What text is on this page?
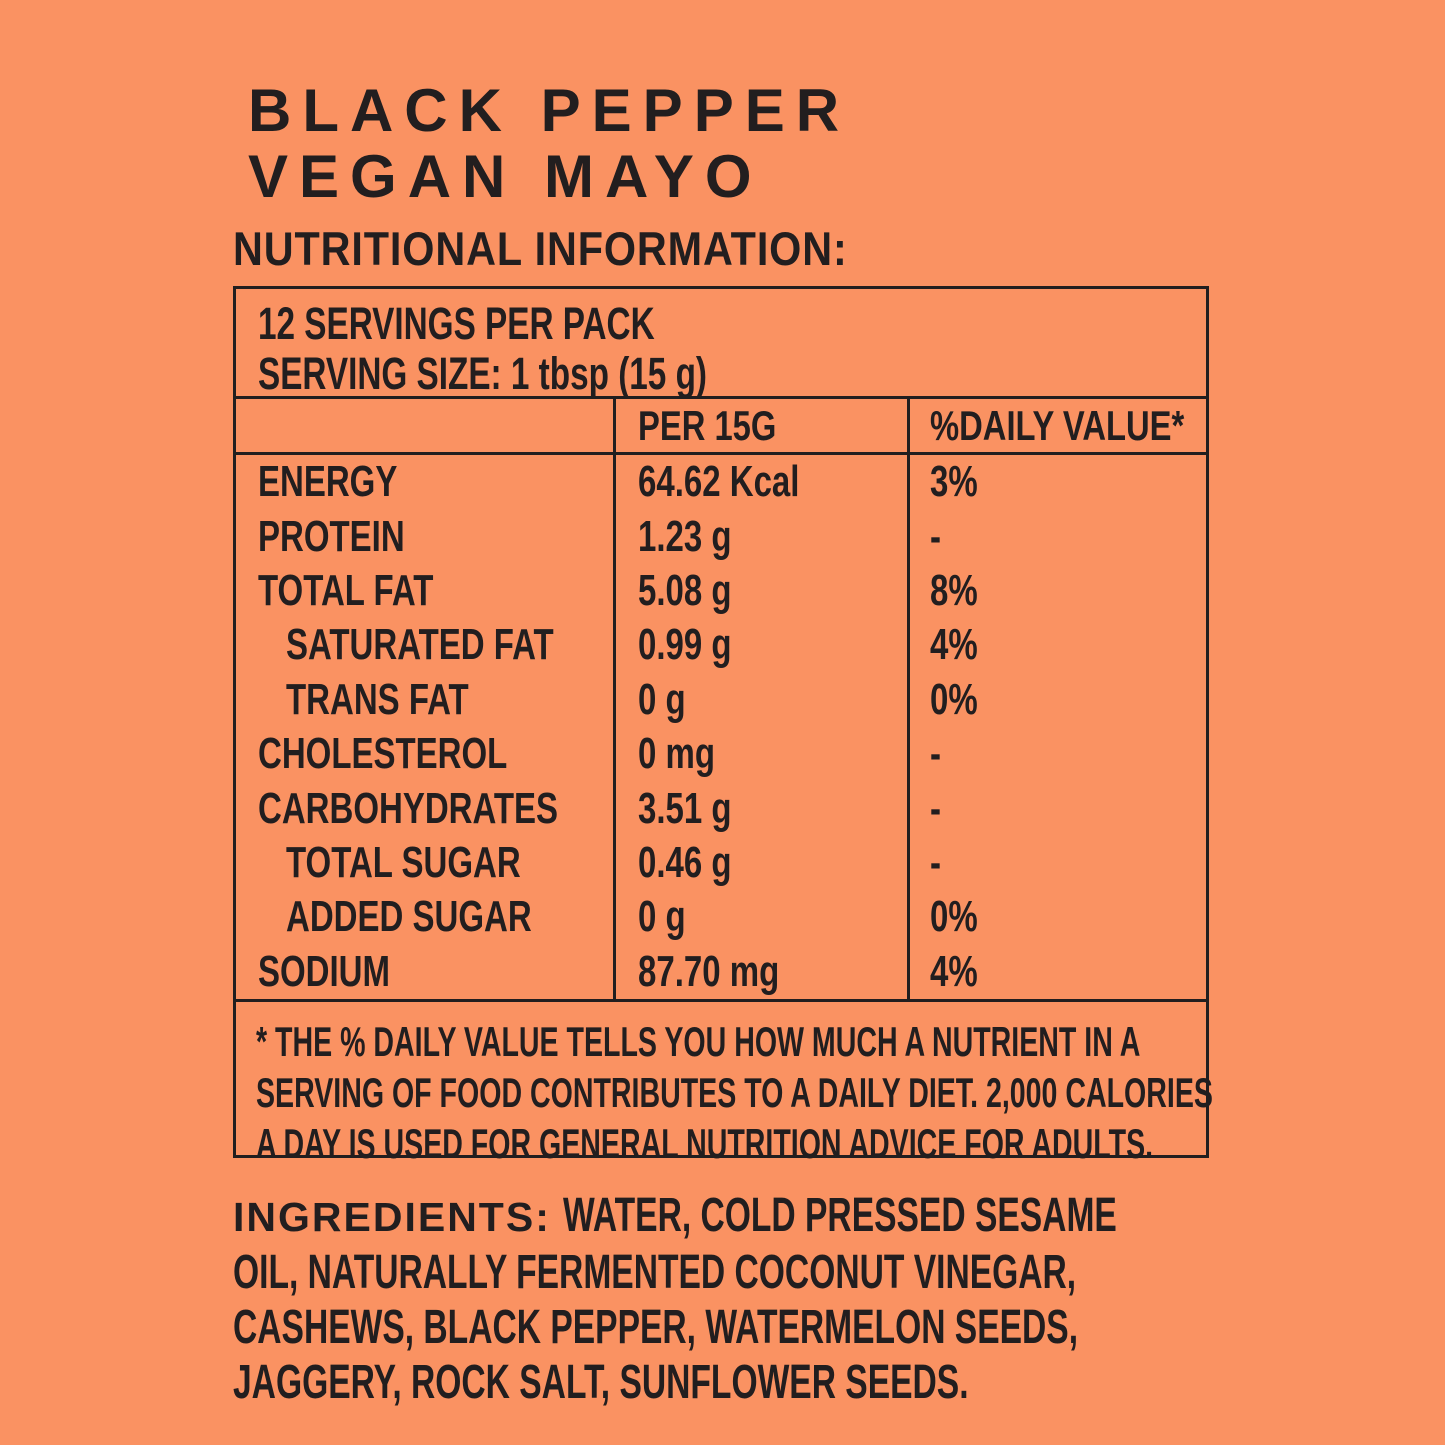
BLACK PEPPER
VEGAN MAYO
NUTRITIONAL INFORMATION:
12 SERVINGS PER PACK
SERVING SIZE: 1 tbsp (15 g)
PER 15G	%DAILY VALUE*
ENERGY	64.62 Kcal	3%
PROTEIN	1.23 g	-
TOTAL FAT	5.08 g	8%
SATURATED FAT 0.99 g	4%
TRANS FAT	0 g	0%
CHOLESTEROL	0 mg	-
CARBOHYDRATES 3.51 g	-
TOTAL SUGAR	0.46 g	-
ADDED SUGAR 0 g	0%
SODIUM	87.70 mg	4%
* THE % DAILY VALUE TELLS YOU HOW MUCH A NUTRIENT IN A
SERVING OF FOOD CONTRIBUTES TO A DAILY DIET. 2,000 CALORIES
A DAY IS USED FOR GENERAL NUTRITION ADVICE FOR ADULTS.
INGREDIENTS: WATER, COLD PRESSED SESAME
OIL, NATURALLY FERMENTED COCONUT VINEGAR,
CASHEWS, BLACK PEPPER, WATERMELON SEEDS,
JAGGERY, ROCK SALT, SUNFLOWER SEEDS.
